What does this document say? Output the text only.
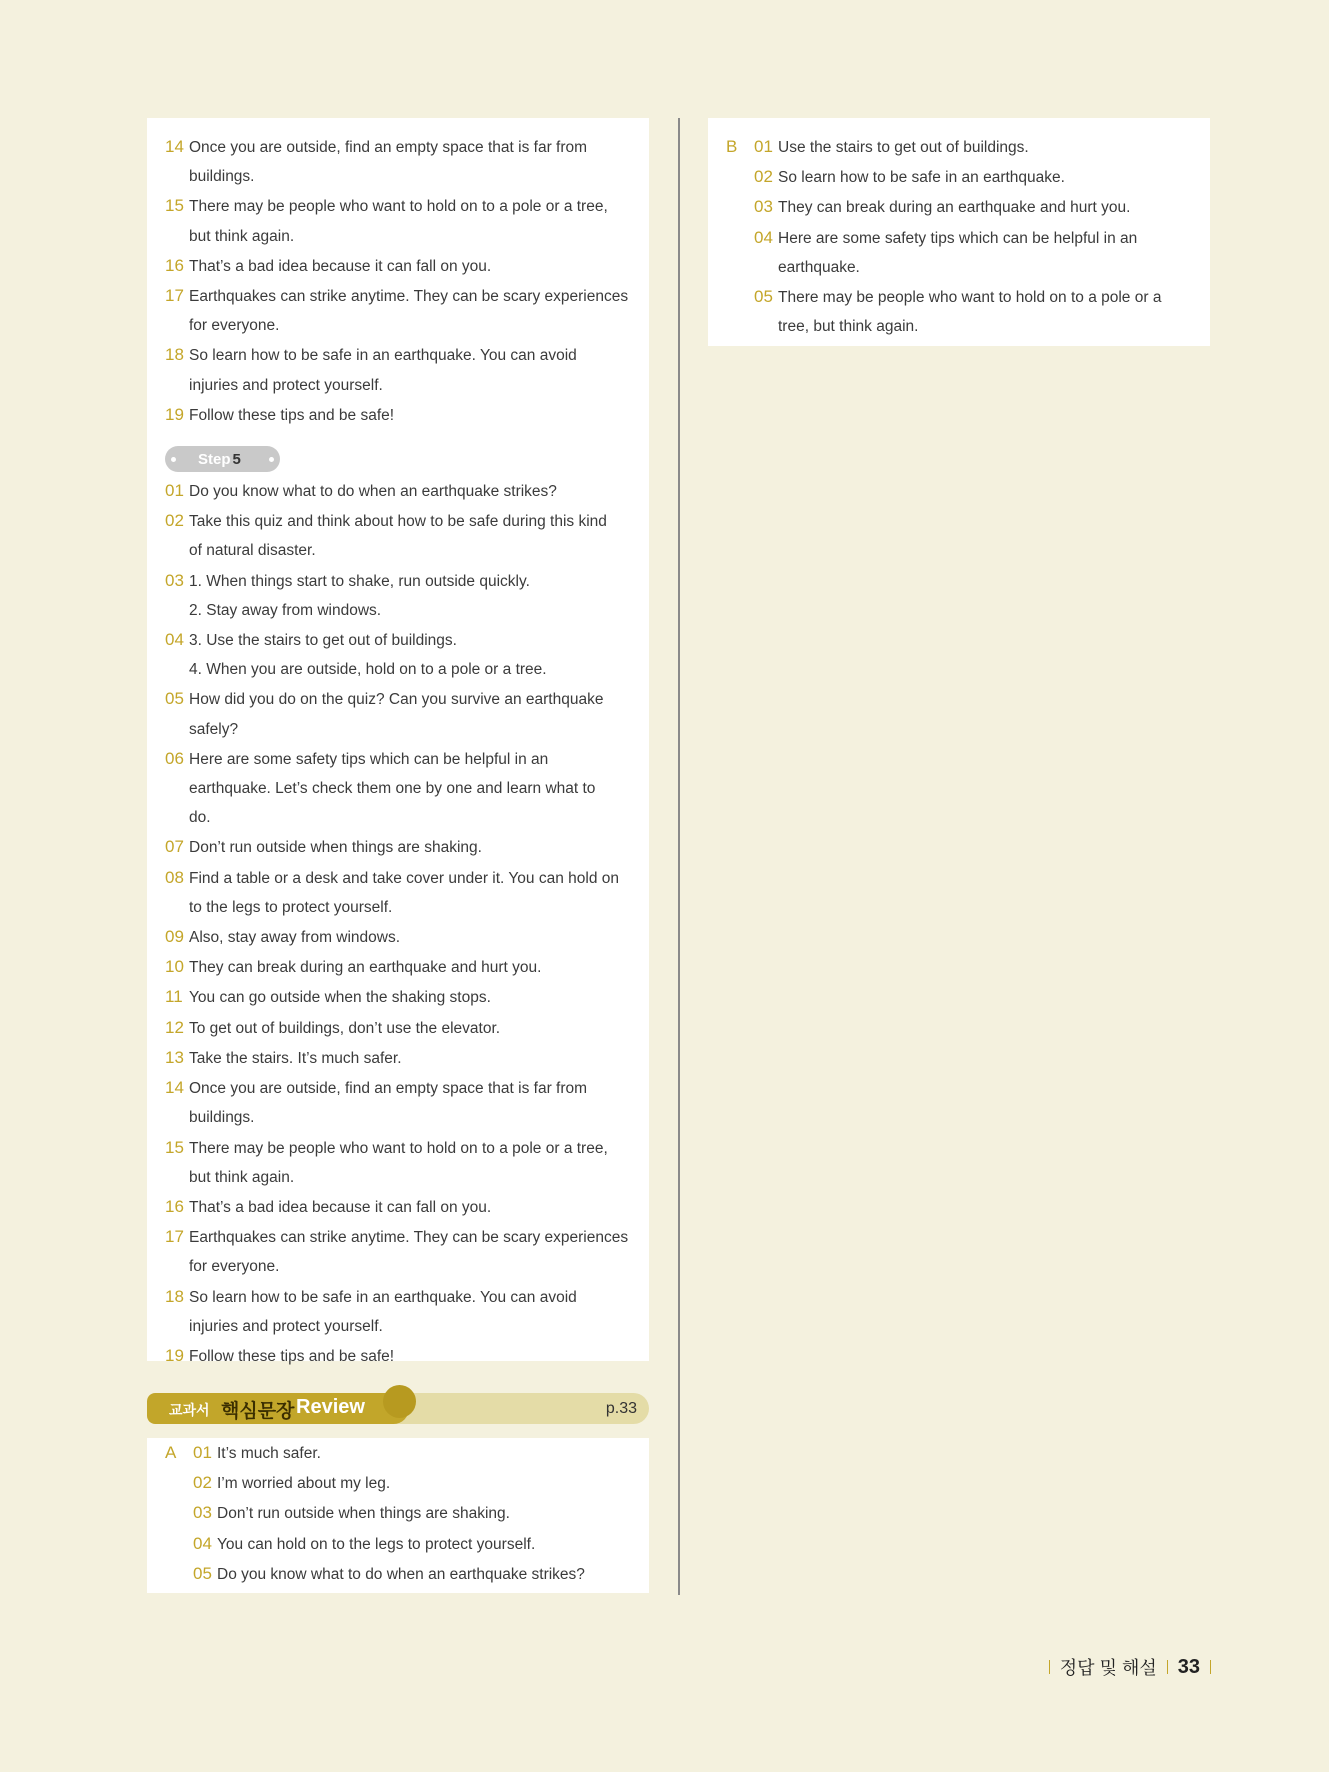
14 Once you are outside, find an empty space that is far from
buildings.
15 There may be people who want to hold on to a pole or a tree,
but think again.
16 That’s a bad idea because it can fall on you.
17 Earthquakes can strike anytime. They can be scary experiences
for everyone.
18 So learn how to be safe in an earthquake. You can avoid
injuries and protect yourself.
19 Follow these tips and be safe!
Step 5
01 Do you know what to do when an earthquake strikes?
02 Take this quiz and think about how to be safe during this kind
of natural disaster.
03 1. When things start to shake, run outside quickly.
2. Stay away from windows.
04 3. Use the stairs to get out of buildings.
4. When you are outside, hold on to a pole or a tree.
05 How did you do on the quiz? Can you survive an earthquake
safely?
06 Here are some safety tips which can be helpful in an
earthquake. Let’s check them one by one and learn what to
do.
07 Don’t run outside when things are shaking.
08 Find a table or a desk and take cover under it. You can hold on
to the legs to protect yourself.
09 Also, stay away from windows.
10 They can break during an earthquake and hurt you.
11 You can go outside when the shaking stops.
12 To get out of buildings, don’t use the elevator.
13 Take the stairs. It’s much safer.
14 Once you are outside, find an empty space that is far from
buildings.
15 There may be people who want to hold on to a pole or a tree,
but think again.
16 That’s a bad idea because it can fall on you.
17 Earthquakes can strike anytime. They can be scary experiences
for everyone.
18 So learn how to be safe in an earthquake. You can avoid
injuries and protect yourself.
19 Follow these tips and be safe!
교과서 핵심문장 Review	p.33
A 01 It’s much safer.
02 I’m worried about my leg.
03 Don’t run outside when things are shaking.
04 You can hold on to the legs to protect yourself.
05 Do you know what to do when an earthquake strikes?
B 01 Use the stairs to get out of buildings.
02 So learn how to be safe in an earthquake.
03 They can break during an earthquake and hurt you.
04 Here are some safety tips which can be helpful in an
earthquake.
05 There may be people who want to hold on to a pole or a
tree, but think again.
정답 및 해설 33
